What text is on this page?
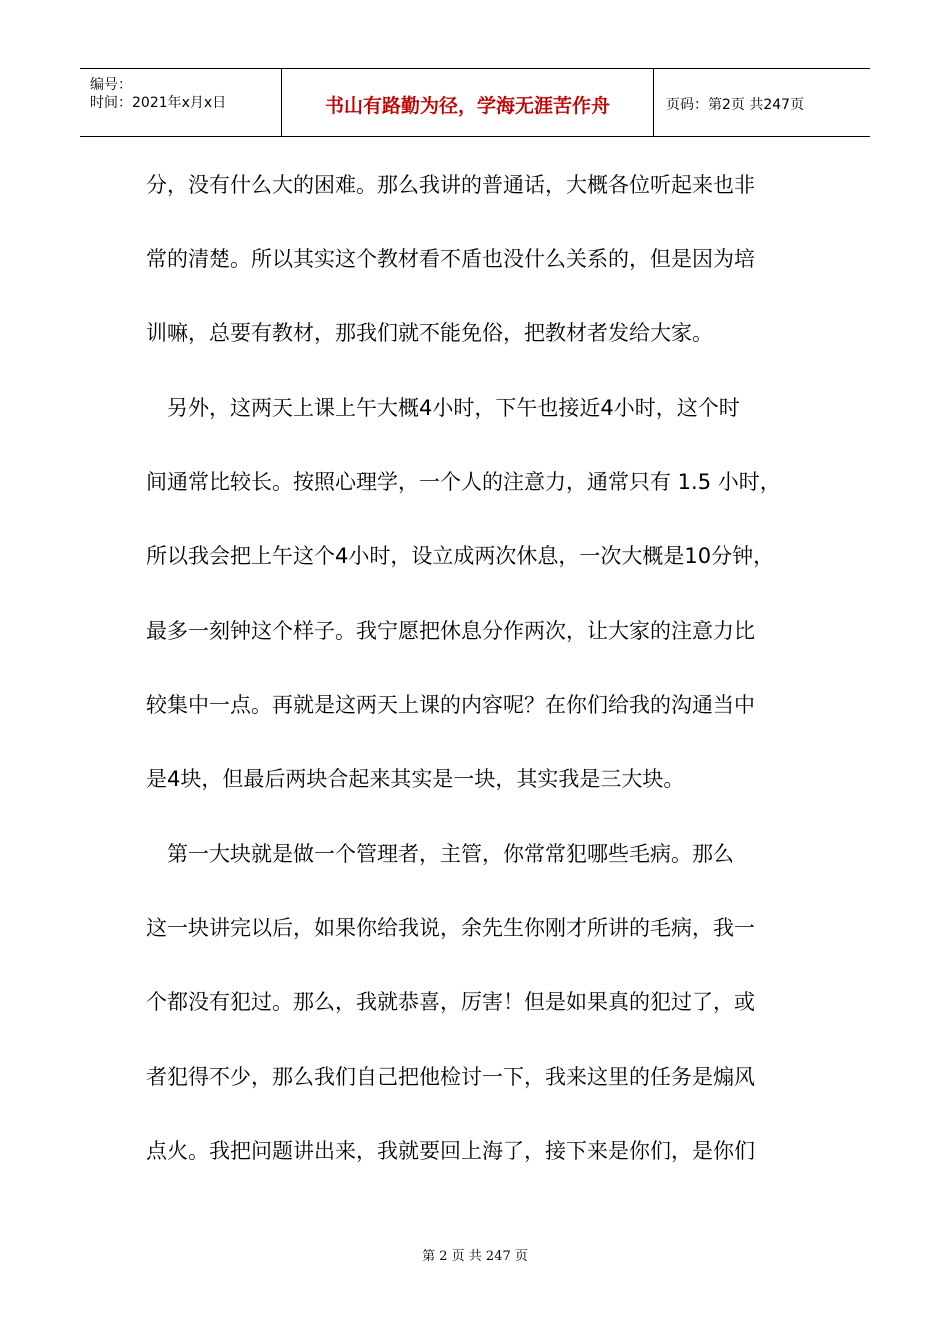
编号：
时间：2021年x月x日	书山有路勤为径，学海无涯苦作舟	页码：第2页 共247页
分，没有什么大的困难。那么我讲的普通话，大概各位听起来也非
常的清楚。所以其实这个教材看不盾也没什么关系的，但是因为培
训嘛，总要有教材，那我们就不能免俗，把教材者发给大家。
　另外，这两天上课上午大概4小时，下午也接近4小时，这个时
间通常比较长。按照心理学，一个人的注意力，通常只有 1.5 小时，
所以我会把上午这个4小时，设立成两次休息，一次大概是10分钟，
最多一刻钟这个样子。我宁愿把休息分作两次，让大家的注意力比
较集中一点。再就是这两天上课的内容呢？在你们给我的沟通当中
是4块，但最后两块合起来其实是一块，其实我是三大块。
　第一大块就是做一个管理者，主管，你常常犯哪些毛病。那么
这一块讲完以后，如果你给我说，余先生你刚才所讲的毛病，我一
个都没有犯过。那么，我就恭喜，厉害！但是如果真的犯过了，或
者犯得不少，那么我们自己把他检讨一下，我来这里的任务是煽风
点火。我把问题讲出来，我就要回上海了，接下来是你们，是你们
第 2 页 共 247 页
